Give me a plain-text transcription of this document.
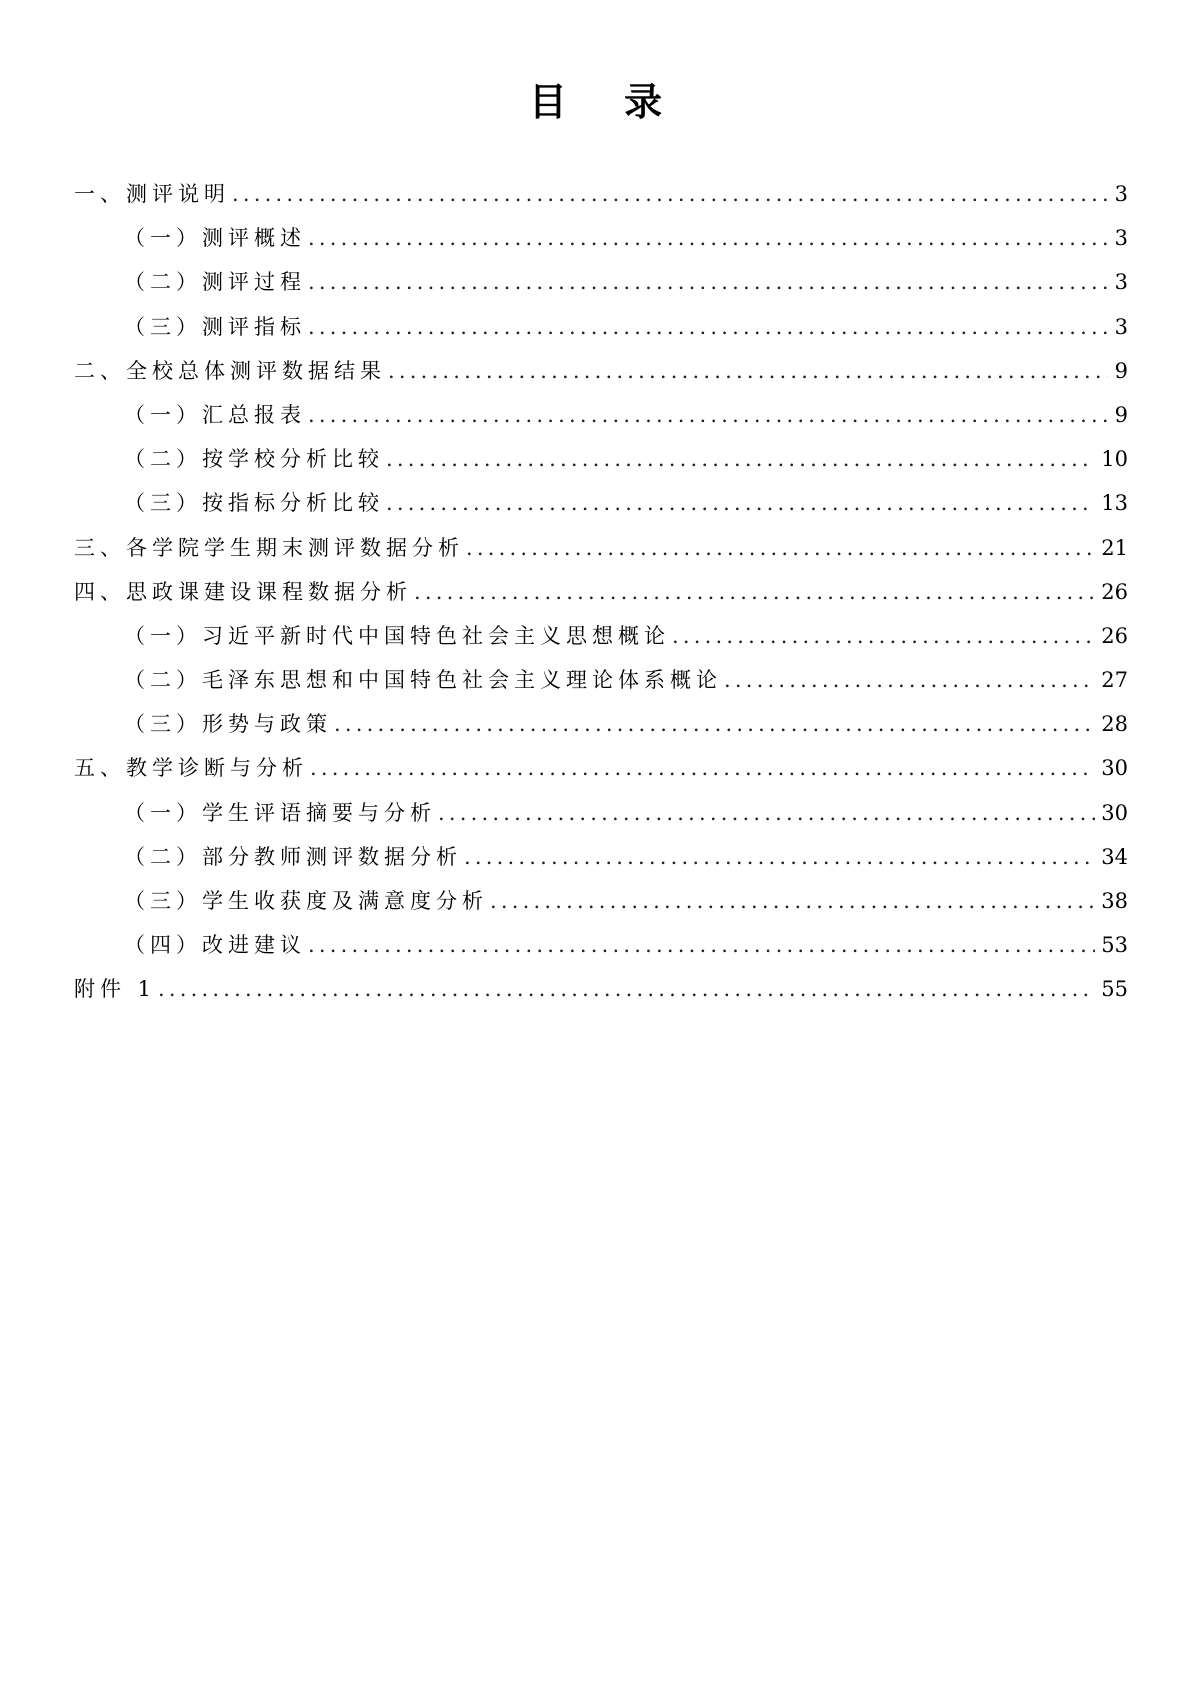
目 录
一、测评说明 .....	3
（一）测评概述 .....	3
（二）测评过程 .....	3
（三）测评指标 .....	3
二、全校总体测评数据结果 .....	9
（一）汇总报表 .....	9
（二）按学校分析比较 .....	10
（三）按指标分析比较 .....	13
三、各学院学生期末测评数据分析 .....	21
四、思政课建设课程数据分析 .....	26
（一）习近平新时代中国特色社会主义思想概论 .....	26
（二）毛泽东思想和中国特色社会主义理论体系概论 .....	27
（三）形势与政策 .....	28
五、教学诊断与分析 .....	30
（一）学生评语摘要与分析 .....	30
（二）部分教师测评数据分析 .....	34
（三）学生收获度及满意度分析 .....	38
（四）改进建议 .....	53
附件 1 .....	55
